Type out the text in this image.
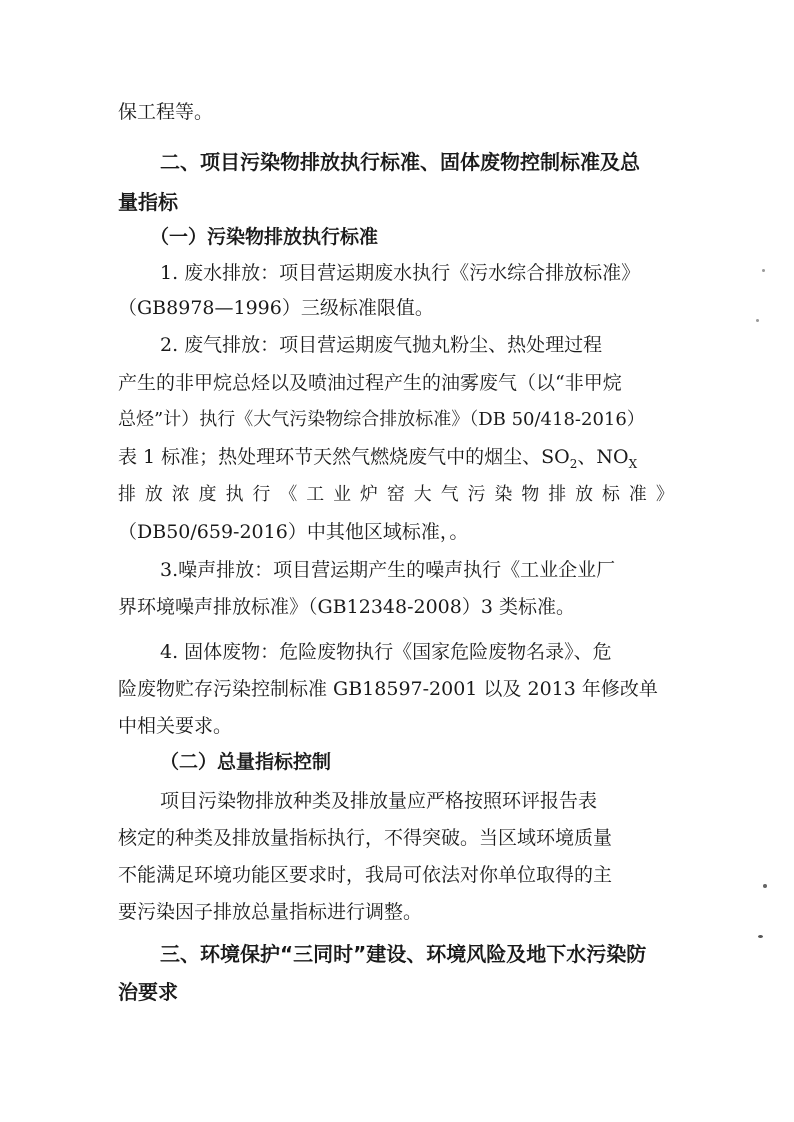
保工程等。
二、项目污染物排放执行标准、固体废物控制标准及总
量指标
（一）污染物排放执行标准
1. 废水排放：项目营运期废水执行《污水综合排放标准》
（GB8978—1996）三级标准限值。
2. 废气排放：项目营运期废气抛丸粉尘、热处理过程
产生的非甲烷总烃以及喷油过程产生的油雾废气（以“非甲烷
总烃”计）执行《大气污染物综合排放标准》（DB 50/418-2016）
表 1 标准；热处理环节天然气燃烧废气中的烟尘、$SO_2$、$NO_X$
排放浓度执行《工业炉窑大气污染物排放标准》
（DB50/659-2016）中其他区域标准，。
3.噪声排放：项目营运期产生的噪声执行《工业企业厂
界环境噪声排放标准》（GB12348-2008）3 类标准。
4. 固体废物：危险废物执行《国家危险废物名录》、危
险废物贮存污染控制标准 GB18597-2001 以及 2013 年修改单
中相关要求。
（二）总量指标控制
项目污染物排放种类及排放量应严格按照环评报告表
核定的种类及排放量指标执行，不得突破。当区域环境质量
不能满足环境功能区要求时，我局可依法对你单位取得的主
要污染因子排放总量指标进行调整。
三、环境保护“三同时”建设、环境风险及地下水污染防
治要求
